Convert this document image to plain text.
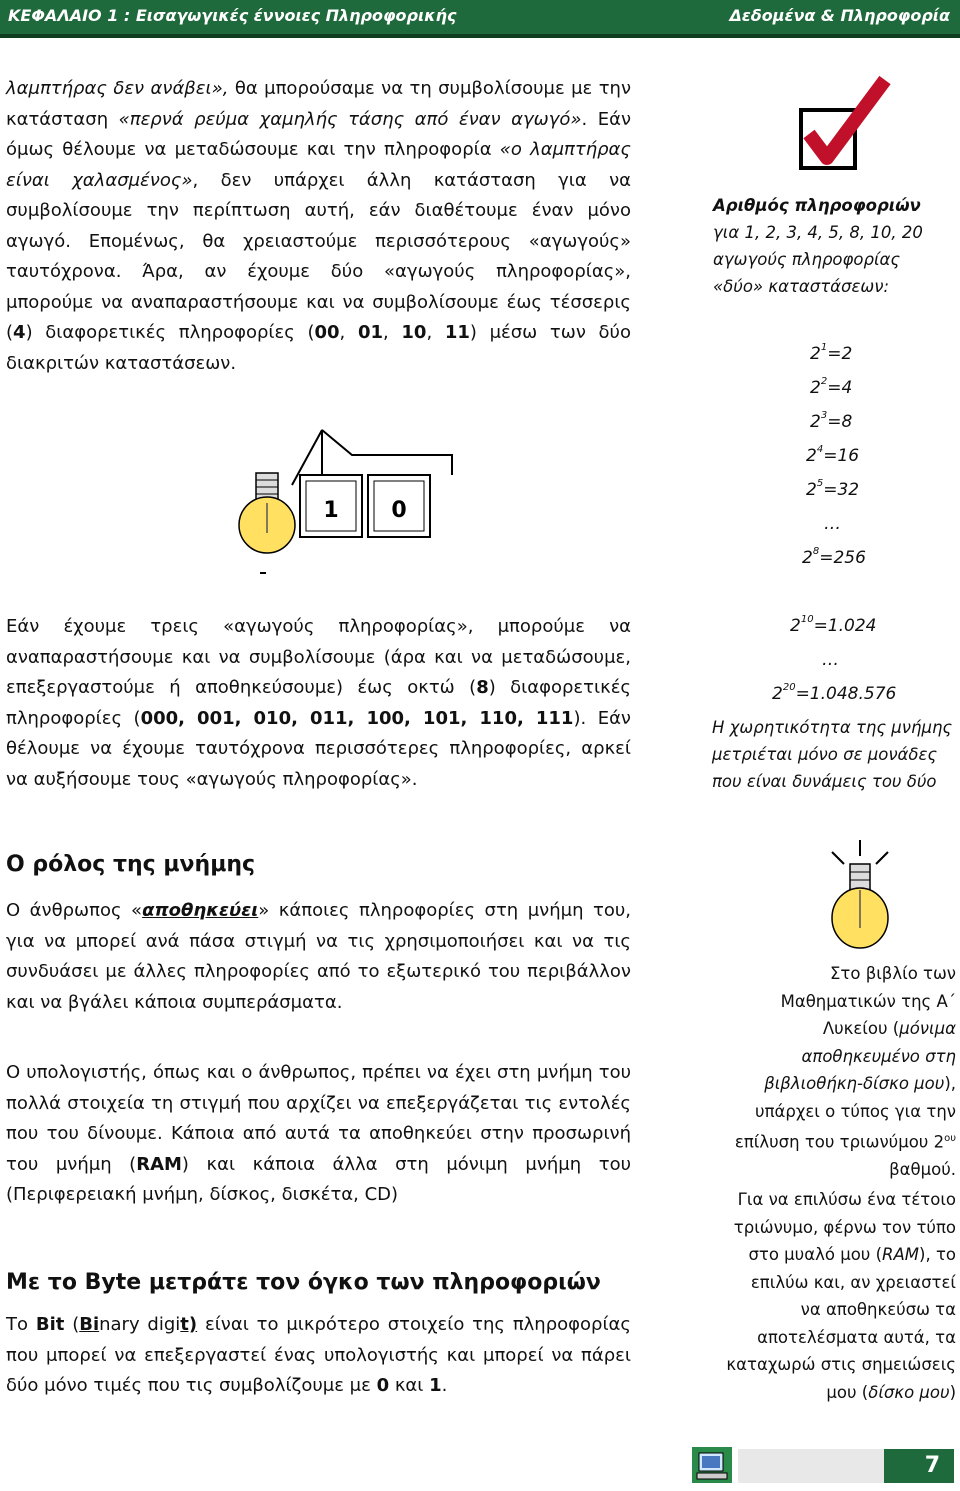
ΚΕΦΑΛΑΙΟ 1 : Εισαγωγικές έννοιες Πληροφορικής	Δεδομένα & Πληροφορία

λαμπτήρας δεν ανάβει», θα μπορούσαμε να τη συμβολίσουμε με την κατάσταση «περνά ρεύμα χαμηλής τάσης από έναν αγωγό». Εάν όμως θέλουμε να μεταδώσουμε και την πληροφορία «ο λαμπτήρας είναι χαλασμένος», δεν υπάρχει άλλη κατάσταση για να συμβολίσουμε την περίπτωση αυτή, εάν διαθέτουμε έναν μόνο αγωγό. Επομένως, θα χρειαστούμε περισσότερους «αγωγούς» ταυτόχρονα. Άρα, αν έχουμε δύο «αγωγούς πληροφορίας», μπορούμε να αναπαραστήσουμε και να συμβολίσουμε έως τέσσερις (4) διαφορετικές πληροφορίες (00, 01, 10, 11) μέσω των δύο διακριτών καταστάσεων.

1 0
Αριθμός πληροφοριών
για 1, 2, 3, 4, 5, 8, 10, 20 αγωγούς πληροφορίας «δύο» καταστάσεων:
$2^1=2$
$2^2=4$
$2^3=8$
$2^4=16$
$2^5=32$
…
$2^8=256$
$2^{10}=1.024$
…
$2^{20}=1.048.576$
Η χωρητικότητα της μνήμης μετριέται μόνο σε μονάδες που είναι δυνάμεις του δύο

Εάν έχουμε τρεις «αγωγούς πληροφορίας», μπορούμε να αναπαραστήσουμε και να συμβολίσουμε (άρα και να μεταδώσουμε, επεξεργαστούμε ή αποθηκεύσουμε) έως οκτώ (8) διαφορετικές πληροφορίες (000, 001, 010, 011, 100, 101, 110, 111). Εάν θέλουμε να έχουμε ταυτόχρονα περισσότερες πληροφορίες, αρκεί να αυξήσουμε τους «αγωγούς πληροφορίας».

Ο ρόλος της μνήμης

Ο άνθρωπος «αποθηκεύει» κάποιες πληροφορίες στη μνήμη του, για να μπορεί ανά πάσα στιγμή να τις χρησιμοποιήσει και να τις συνδυάσει με άλλες πληροφορίες από το εξωτερικό του περιβάλλον και να βγάλει κάποια συμπεράσματα.

Ο υπολογιστής, όπως και ο άνθρωπος, πρέπει να έχει στη μνήμη του πολλά στοιχεία τη στιγμή που αρχίζει να επεξεργάζεται τις εντολές που του δίνουμε. Κάποια από αυτά τα αποθηκεύει στην προσωρινή του μνήμη (RAM) και κάποια άλλα στη μόνιμη μνήμη του (Περιφερειακή μνήμη, δίσκος, δισκέτα, CD)

Με το Byte μετράτε τον όγκο των πληροφοριών

Το Bit (Binary digit) είναι το μικρότερο στοιχείο της πληροφορίας που μπορεί να επεξεργαστεί ένας υπολογιστής και μπορεί να πάρει δύο μόνο τιμές που τις συμβολίζουμε με 0 και 1.

Στο βιβλίο των Μαθηματικών της Α΄ Λυκείου (μόνιμα αποθηκευμένο στη βιβλιοθήκη-δίσκο μου), υπάρχει ο τύπος για την επίλυση του τριωνύμου $2^{o\upsilon}$ βαθμού.
Για να επιλύσω ένα τέτοιο τριώνυμο, φέρνω τον τύπο στο μυαλό μου (RAM), το επιλύω και, αν χρειαστεί να αποθηκεύσω τα αποτελέσματα αυτά, τα καταχωρώ στις σημειώσεις μου (δίσκο μου)
7
